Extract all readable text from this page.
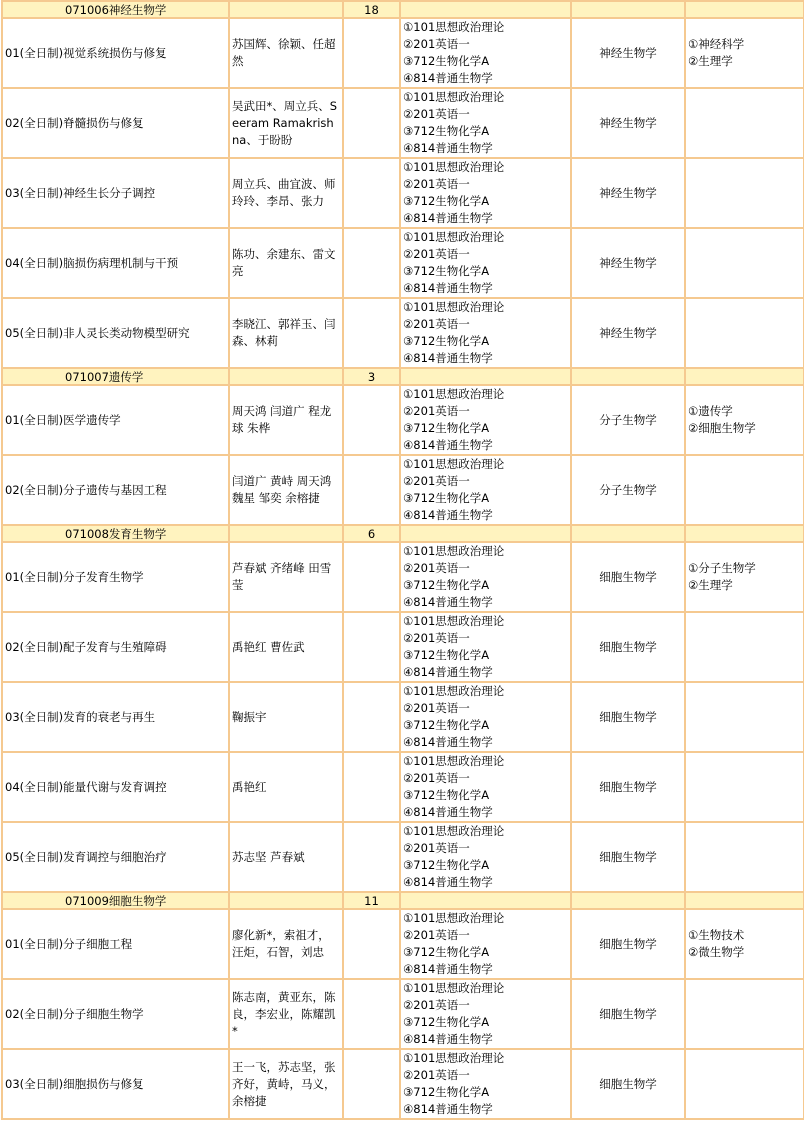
071006神经生物学		18			
01(全日制)视觉系统损伤与修复	苏国辉、徐颖、任超然		①101思想政治理论
②201英语一
③712生物化学A
④814普通生物学	神经生物学	①神经科学
②生理学

02(全日制)脊髓损伤与修复	吴武田*、周立兵、Seeram Ramakrishna、于盼盼		①101思想政治理论
②201英语一
③712生物化学A
④814普通生物学	神经生物学	
03(全日制)神经生长分子调控	周立兵、曲宜波、师玲玲、李昂、张力		①101思想政治理论
②201英语一
③712生物化学A
④814普通生物学	神经生物学	
04(全日制)脑损伤病理机制与干预	陈功、余建东、雷文亮		①101思想政治理论
②201英语一
③712生物化学A
④814普通生物学	神经生物学	
05(全日制)非人灵长类动物模型研究	李晓江、郭祥玉、闫森、林莉		①101思想政治理论
②201英语一
③712生物化学A
④814普通生物学	神经生物学	
071007遗传学		3			
01(全日制)医学遗传学	周天鸿 闫道广 程龙球 朱桦		①101思想政治理论
②201英语一
③712生物化学A
④814普通生物学	分子生物学	①遗传学
②细胞生物学

02(全日制)分子遗传与基因工程	闫道广 黄峙 周天鸿 魏星 邹奕 余榕捷		①101思想政治理论
②201英语一
③712生物化学A
④814普通生物学	分子生物学	
071008发育生物学		6			
01(全日制)分子发育生物学	芦春斌 齐绪峰 田雪莹		①101思想政治理论
②201英语一
③712生物化学A
④814普通生物学	细胞生物学	①分子生物学
②生理学

02(全日制)配子发育与生殖障碍	禹艳红 曹佐武		①101思想政治理论
②201英语一
③712生物化学A
④814普通生物学	细胞生物学	
03(全日制)发育的衰老与再生	鞠振宇		①101思想政治理论
②201英语一
③712生物化学A
④814普通生物学	细胞生物学	
04(全日制)能量代谢与发育调控	禹艳红		①101思想政治理论
②201英语一
③712生物化学A
④814普通生物学	细胞生物学	
05(全日制)发育调控与细胞治疗	苏志坚 芦春斌		①101思想政治理论
②201英语一
③712生物化学A
④814普通生物学	细胞生物学	
071009细胞生物学		11			
01(全日制)分子细胞工程	廖化新*，索祖才，汪炬，石智，刘忠		①101思想政治理论
②201英语一
③712生物化学A
④814普通生物学	细胞生物学	①生物技术
②微生物学

02(全日制)分子细胞生物学	陈志南，黄亚东，陈良，李宏业，陈耀凯*		①101思想政治理论
②201英语一
③712生物化学A
④814普通生物学	细胞生物学	
03(全日制)细胞损伤与修复	王一飞，苏志坚，张齐好，黄峙，马义，余榕捷		①101思想政治理论
②201英语一
③712生物化学A
④814普通生物学	细胞生物学	
